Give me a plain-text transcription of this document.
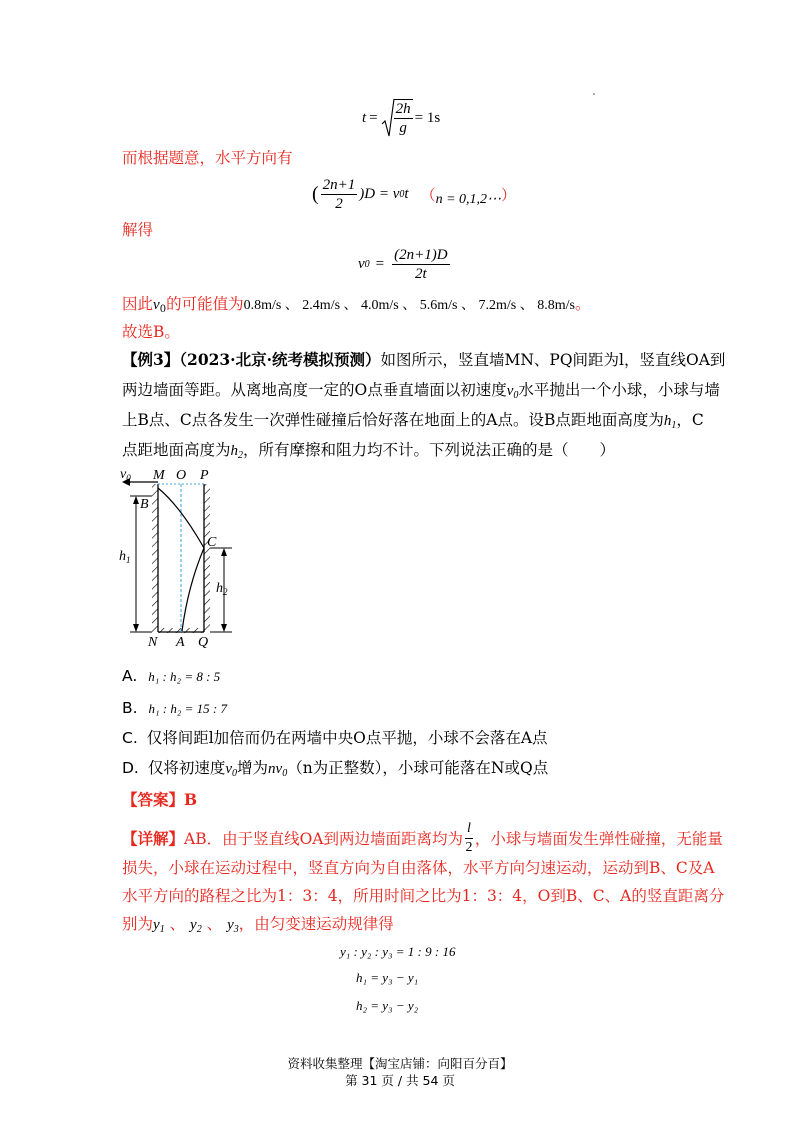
$t = \frac{2h}{g} = 1s$
而根据题意，水平方向有
( $\frac{2n+1}{2} )D = v$ 0 t （ n = 0,1,2⋯ ）
解得
v $0 = \frac{(2n+1)D}{2t}$
因此$v_0$的可能值为0.8m/s 、 2.4m/s 、 4.0m/s 、 5.6m/s 、 7.2m/s 、 8.8m/s。
故选B。
【例3】（2023·北京·统考模拟预测）如图所示，竖直墙MN、PQ间距为l，竖直线OA到
两边墙面等距。从离地高度一定的O点垂直墙面以初速度$v_0$水平抛出一个小球，小球与墙
上B点、C点各发生一次弹性碰撞后恰好落在地面上的A点。设B点距地面高度为$h_1$，C
点距地面高度为$h_2$，所有摩擦和阻力均不计。下列说法正确的是（　　）
$v_0$ M O P
B
C
$h_1$
$h_2$
N A Q
A. h₁ : h₂ = 8 : 5
B. h₁ : h₂ = 15 : 7
C. 仅将间距l加倍而仍在两墙中央O点平抛，小球不会落在A点
D. 仅将初速度$v_0$增为$nv_0(n$为正整数），小球可能落在N或Q点
【答案】B
【详解】 AB．由于竖直线OA到两边墙面距离均为 $\frac{l}{2}$ ，小球与墙面发生弹性碰撞，无能量
损失，小球在运动过程中，竖直方向为自由落体，水平方向匀速运动，运动到B、C及A
水平方向的路程之比为1：3：4，所用时间之比为1：3：4，O到B、C、A的竖直距离分
别为$y_1$ 、 $y_2$ 、 $y_3$，由匀变速运动规律得
y₁ : y₂ : y₃ = 1 : 9 : 16
h₁ = y₃ − y₁
h₂ = y₃ − y₂
资料收集整理【淘宝店铺：向阳百分百】
第 31 页 / 共 54 页
